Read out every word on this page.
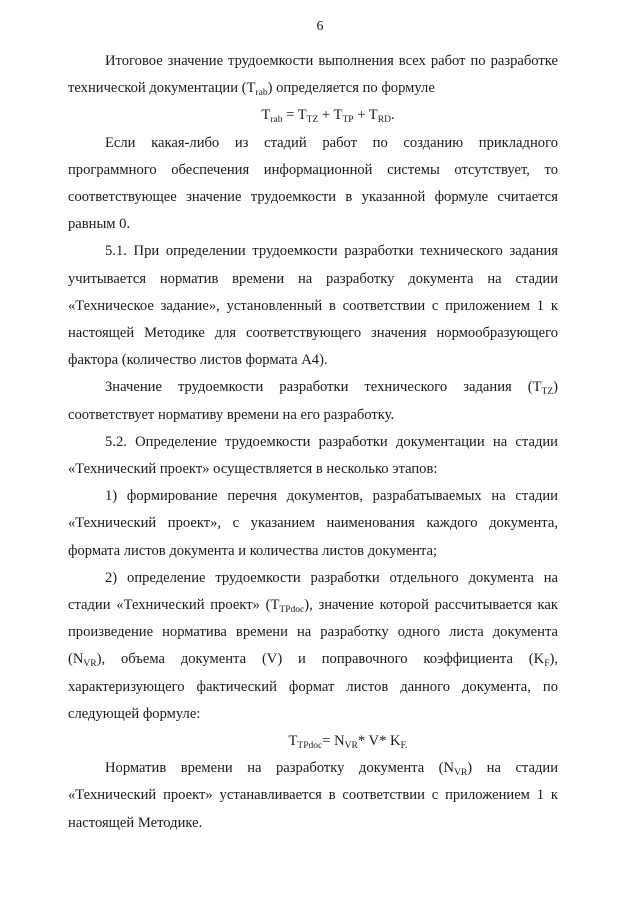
6

Итоговое значение трудоемкости выполнения всех работ по разработке технической документации $(T_{rab})$ определяется по формуле

$T_{rab} = T_{TZ} + T_{TP} + T_{RD}$.

Если какая-либо из стадий работ по созданию прикладного программного обеспечения информационной системы отсутствует, то соответствующее значение трудоемкости в указанной формуле считается равным 0.

5.1. При определении трудоемкости разработки технического задания учитывается норматив времени на разработку документа на стадии «Техническое задание», установленный в соответствии с приложением 1 к настоящей Методике для соответствующего значения нормообразующего фактора (количество листов формата А4).

Значение трудоемкости разработки технического задания $(T_{TZ})$ соответствует нормативу времени на его разработку.

5.2. Определение трудоемкости разработки документации на стадии «Технический проект» осуществляется в несколько этапов:

1) формирование перечня документов, разрабатываемых на стадии «Технический проект», с указанием наименования каждого документа, формата листов документа и количества листов документа;

2) определение трудоемкости разработки отдельного документа на стадии «Технический проект» $(T_{TPdoc})$, значение которой рассчитывается как произведение норматива времени на разработку одного листа документа $(N_{VR})$, объема документа (V) и поправочного коэффициента $(K_F)$, характеризующего фактический формат листов данного документа, по следующей формуле:

$T_{TPdoc}= N_{VR}*$ V* $K_{F.}$

Норматив времени на разработку документа $(N_{VR})$ на стадии «Технический проект» устанавливается в соответствии с приложением 1 к настоящей Методике.
